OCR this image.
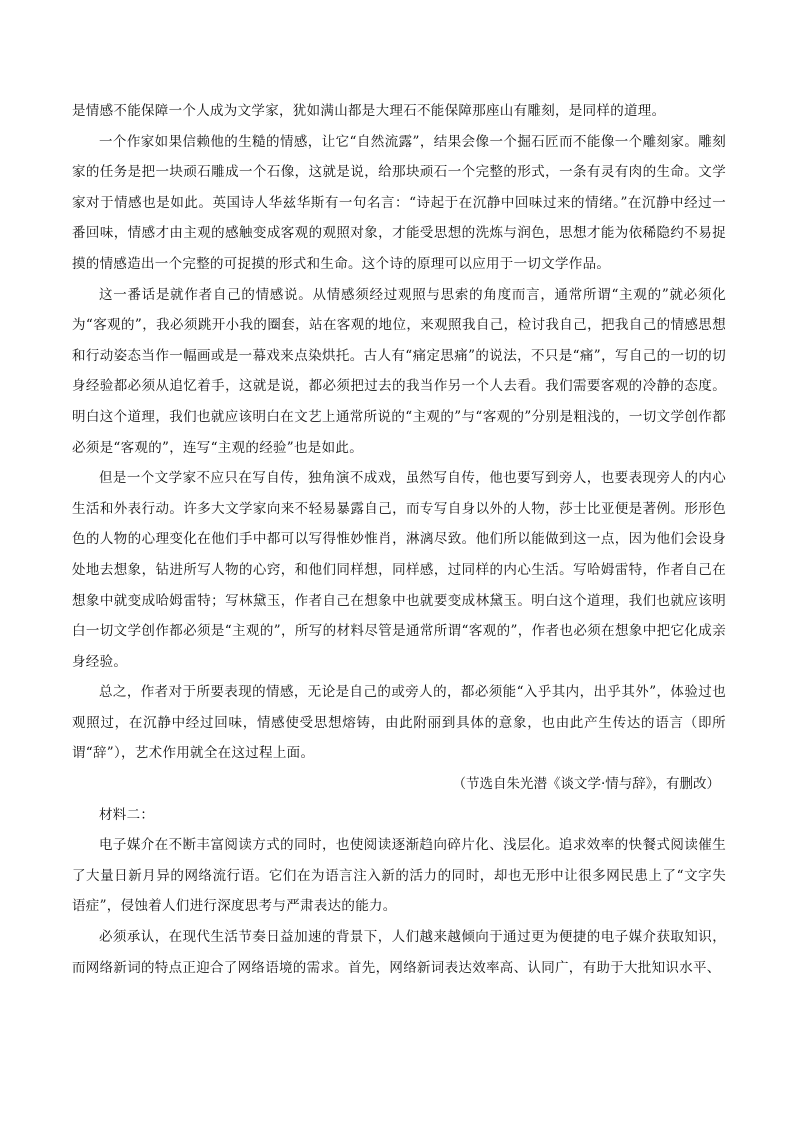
是情感不能保障一个人成为文学家，犹如满山都是大理石不能保障那座山有雕刻，是同样的道理。

一个作家如果信赖他的生糙的情感，让它“自然流露”，结果会像一个掘石匠而不能像一个雕刻家。雕刻家的任务是把一块顽石雕成一个石像，这就是说，给那块顽石一个完整的形式，一条有灵有肉的生命。文学家对于情感也是如此。英国诗人华兹华斯有一句名言：“诗起于在沉静中回味过来的情绪。”在沉静中经过一番回味，情感才由主观的感触变成客观的观照对象，才能受思想的洗炼与润色，思想才能为依稀隐约不易捉摸的情感造出一个完整的可捉摸的形式和生命。这个诗的原理可以应用于一切文学作品。

这一番话是就作者自己的情感说。从情感须经过观照与思索的角度而言，通常所谓“主观的”就必须化为“客观的”，我必须跳开小我的圈套，站在客观的地位，来观照我自己，检讨我自己，把我自己的情感思想和行动姿态当作一幅画或是一幕戏来点染烘托。古人有“痛定思痛”的说法，不只是“痛”，写自己的一切的切身经验都必须从追忆着手，这就是说，都必须把过去的我当作另一个人去看。我们需要客观的冷静的态度。明白这个道理，我们也就应该明白在文艺上通常所说的“主观的”与“客观的”分别是粗浅的，一切文学创作都必须是“客观的”，连写“主观的经验”也是如此。

但是一个文学家不应只在写自传，独角演不成戏，虽然写自传，他也要写到旁人，也要表现旁人的内心生活和外表行动。许多大文学家向来不轻易暴露自己，而专写自身以外的人物，莎士比亚便是著例。形形色色的人物的心理变化在他们手中都可以写得惟妙惟肖，淋漓尽致。他们所以能做到这一点，因为他们会设身处地去想象，钻进所写人物的心窍，和他们同样想，同样感，过同样的内心生活。写哈姆雷特，作者自己在想象中就变成哈姆雷特；写林黛玉，作者自己在想象中也就要变成林黛玉。明白这个道理，我们也就应该明白一切文学创作都必须是“主观的”，所写的材料尽管是通常所谓“客观的”，作者也必须在想象中把它化成亲身经验。

总之，作者对于所要表现的情感，无论是自己的或旁人的，都必须能“入乎其内，出乎其外”，体验过也观照过，在沉静中经过回味，情感使受思想熔铸，由此附丽到具体的意象，也由此产生传达的语言（即所谓“辞”），艺术作用就全在这过程上面。

（节选自朱光潜《谈文学·情与辞》，有删改）

材料二：

电子媒介在不断丰富阅读方式的同时，也使阅读逐渐趋向碎片化、浅层化。追求效率的快餐式阅读催生了大量日新月异的网络流行语。它们在为语言注入新的活力的同时，却也无形中让很多网民患上了“文字失语症”，侵蚀着人们进行深度思考与严肃表达的能力。

必须承认，在现代生活节奏日益加速的背景下，人们越来越倾向于通过更为便捷的电子媒介获取知识，而网络新词的特点正迎合了网络语境的需求。首先，网络新词表达效率高、认同广，有助于大批知识水平、
